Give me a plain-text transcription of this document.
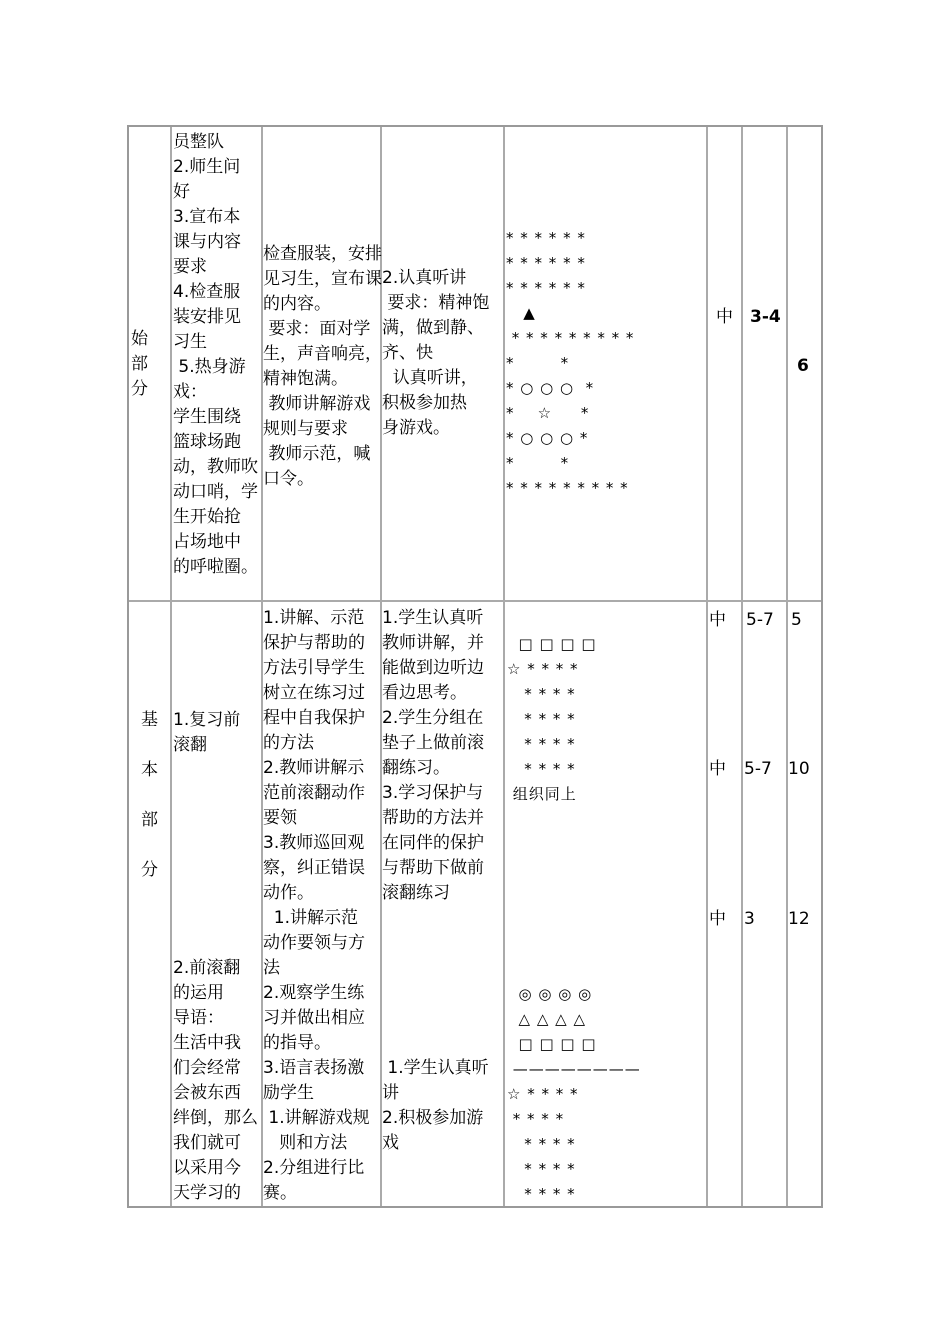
始
部
分
员整队
2.师生问
好
3.宣布本
课与内容
要求
4.检查服
装安排见
习生
5.热身游
戏：
学生围绕
篮球场跑
动，教师吹
动口哨，学
生开始抢
占场地中
的呼啦圈。
检查服装，安排
见习生，宣布课
的内容。
要求：面对学
生，声音响亮，
精神饱满。
教师讲解游戏
规则与要求
教师示范，喊
口令。
2.认真听讲
要求：精神饱
满，做到静、
齐、快
认真听讲，
积极参加热
身游戏。
* * * * * *
* * * * * *
* * * * * *
▲
* * * * * * * * *
*        *
* ○ ○ ○  *
*    ☆     *
* ○ ○ ○ *
*        *
* * * * * * * * *
中 3-4
6
基

本

部

分
1.复习前
滚翻
2.前滚翻
的运用
导语：
生活中我
们会经常
会被东西
绊倒，那么
我们就可
以采用今
天学习的
1.讲解、示范
保护与帮助的
方法引导学生
树立在练习过
程中自我保护
的方法
2.教师讲解示
范前滚翻动作
要领
3.教师巡回观
察，纠正错误
动作。
1.讲解示范
动作要领与方
法
2.观察学生练
习并做出相应
的指导。
3.语言表扬激
励学生
1.讲解游戏规
则和方法
2.分组进行比
赛。
1.学生认真听
教师讲解，并
能做到边听边
看边思考。
2.学生分组在
垫子上做前滚
翻练习。
3.学习保护与
帮助的方法并
在同伴的保护
与帮助下做前
滚翻练习
1.学生认真听
讲
2.积极参加游
戏
□ □ □ □
☆ * * * *
* * * *
* * * *
* * * *
* * * *
组织同上
◎ ◎ ◎ ◎
△ △ △ △
□ □ □ □
————————
☆ * * * *
* * * *
* * * *
* * * *
* * * *
中 5-7 5
中 5-7 10
中 3 12
